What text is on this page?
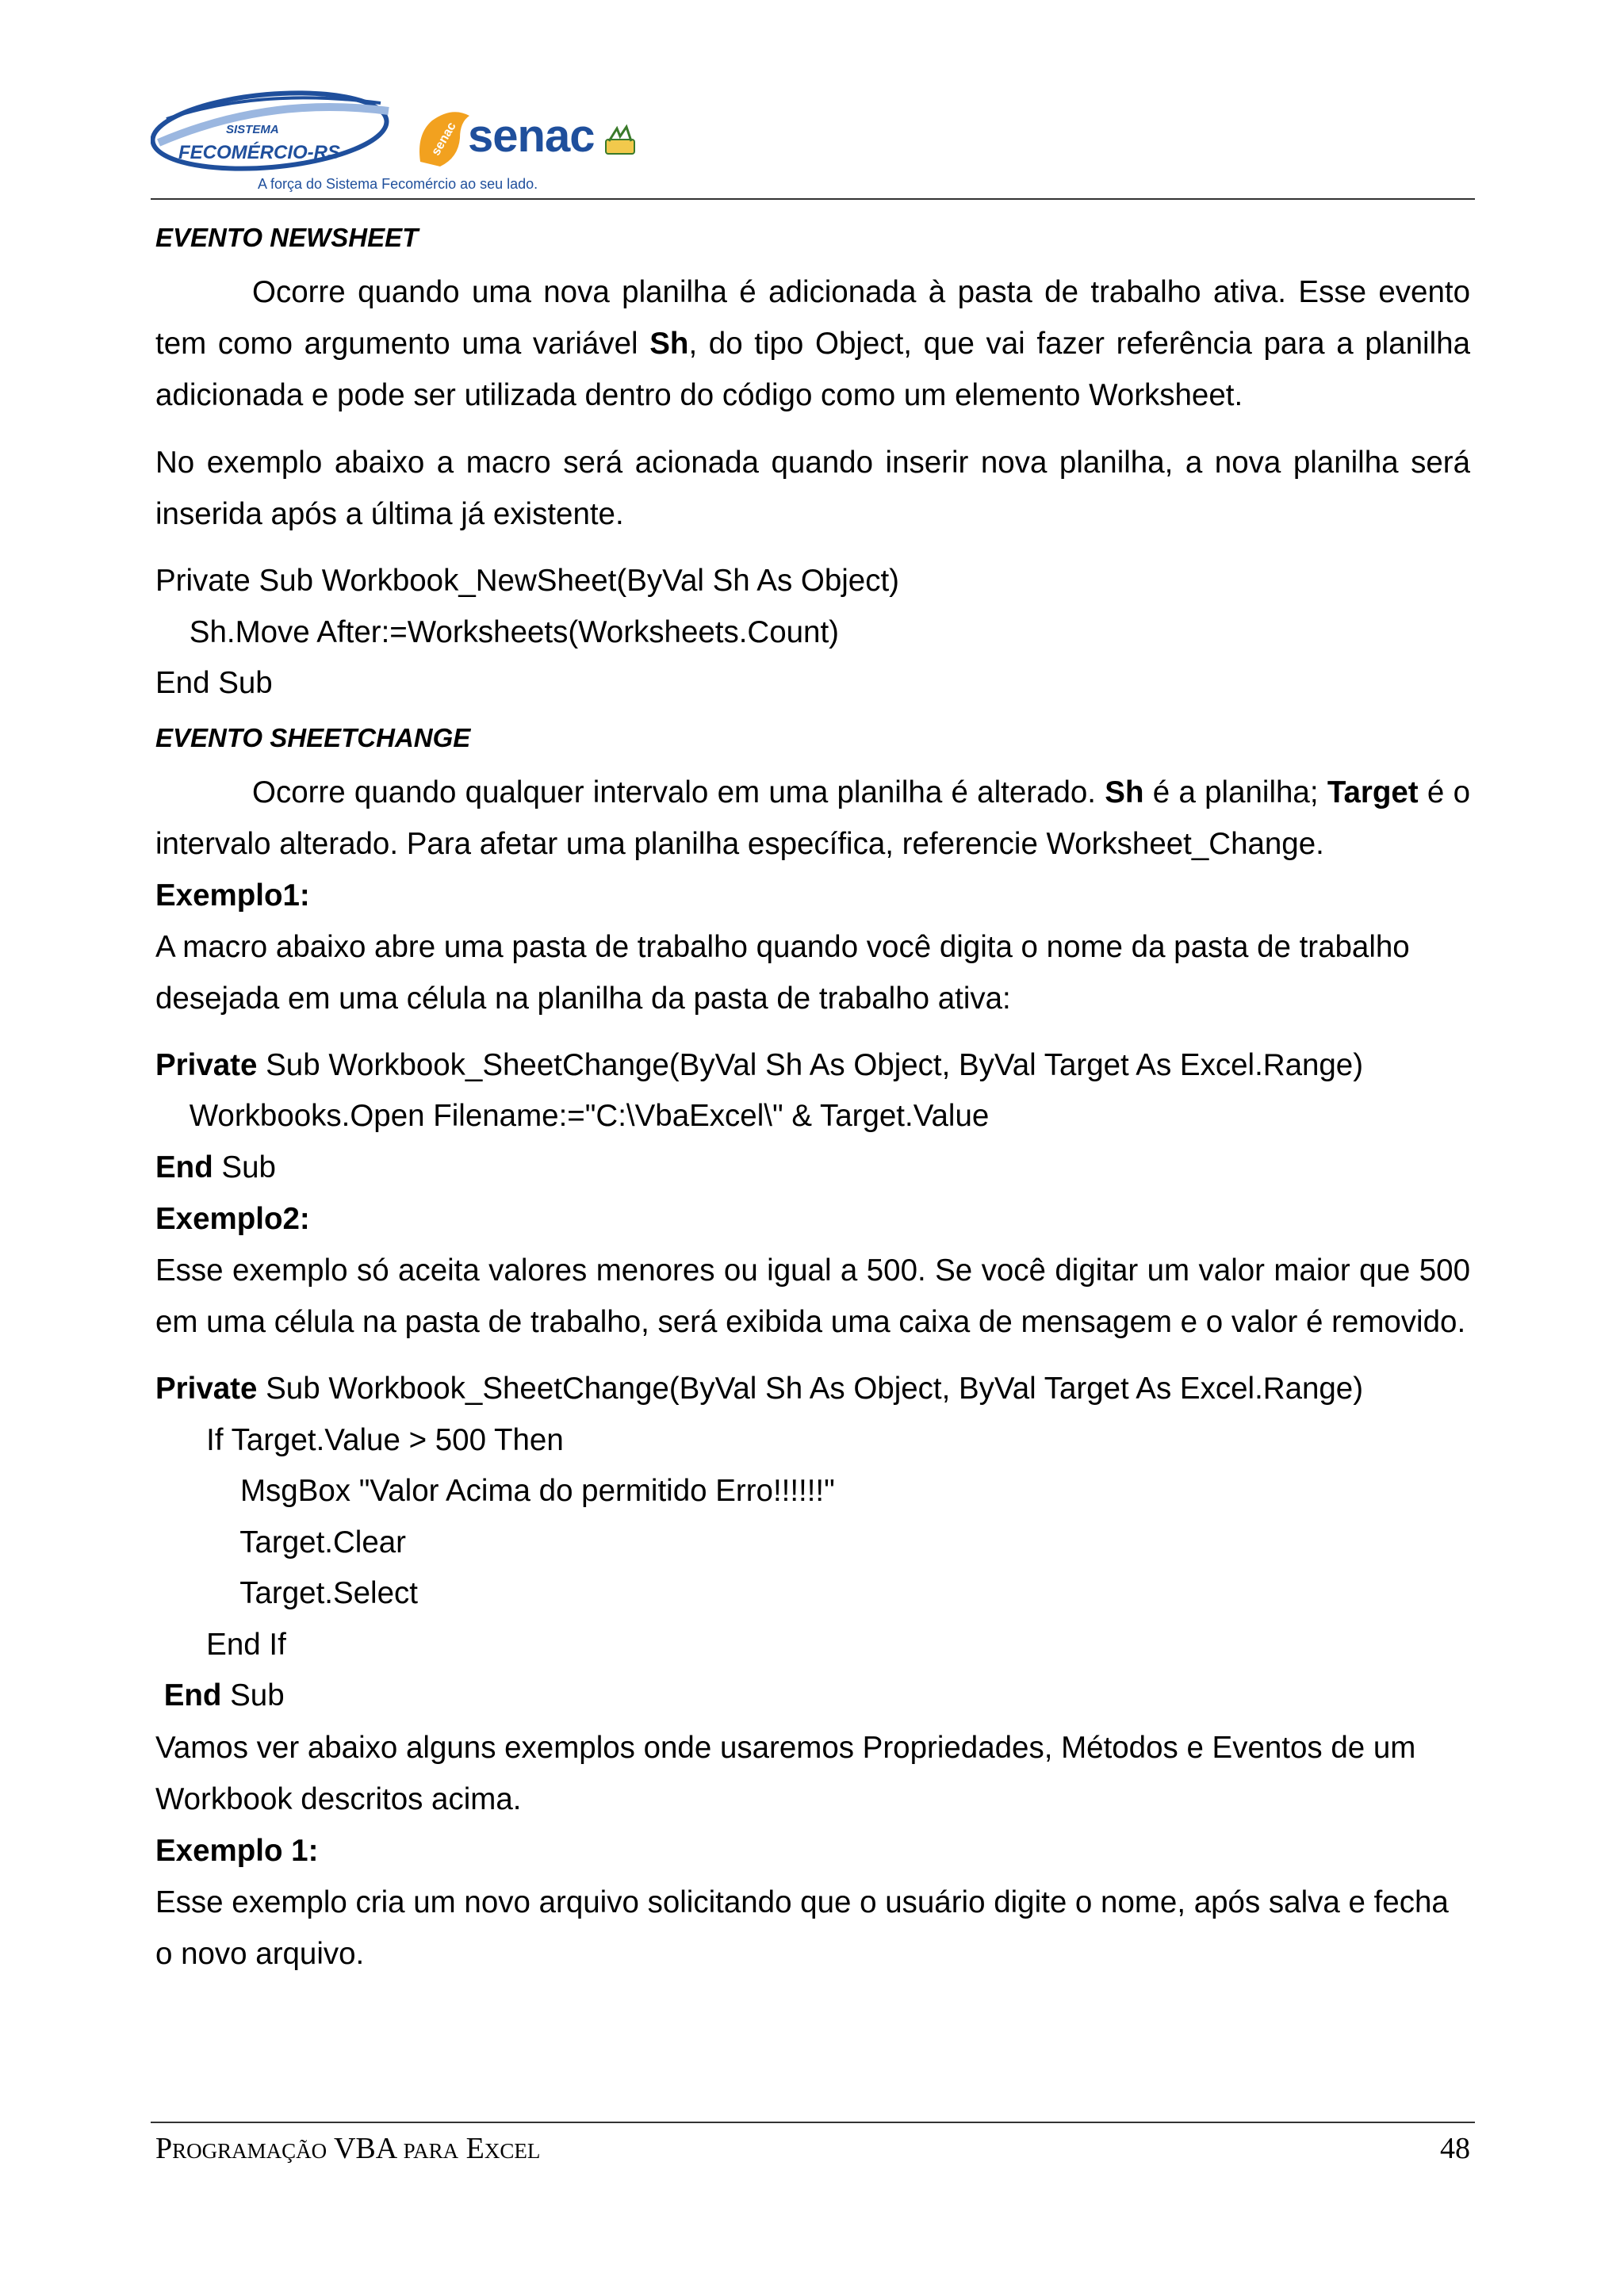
SISTEMA
FECOMÉRCIO-RS	senac senac
A força do Sistema Fecomércio ao seu lado.

EVENTO NEWSHEET

Ocorre quando uma nova planilha é adicionada à pasta de trabalho ativa. Esse evento tem como argumento uma variável Sh, do tipo Object, que vai fazer referência para a planilha adicionada e pode ser utilizada dentro do código como um elemento Worksheet.

No exemplo abaixo a macro será acionada quando inserir nova planilha, a nova planilha será inserida após a última já existente.

Private Sub Workbook_NewSheet(ByVal Sh As Object)

Sh.Move After:=Worksheets(Worksheets.Count)

End Sub

EVENTO SHEETCHANGE

Ocorre quando qualquer intervalo em uma planilha é alterado. Sh é a planilha; Target é o intervalo alterado. Para afetar uma planilha específica, referencie Worksheet_Change.

Exemplo1:

A macro abaixo abre uma pasta de trabalho quando você digita o nome da pasta de trabalho desejada em uma célula na planilha da pasta de trabalho ativa:

Private Sub Workbook_SheetChange(ByVal Sh As Object, ByVal Target As Excel.Range)

Workbooks.Open Filename:="C:\VbaExcel\" & Target.Value

End Sub

Exemplo2:

Esse exemplo só aceita valores menores ou igual a 500. Se você digitar um valor maior que 500 em uma célula na pasta de trabalho, será exibida uma caixa de mensagem e o valor é removido.

Private Sub Workbook_SheetChange(ByVal Sh As Object, ByVal Target As Excel.Range)

If Target.Value > 500 Then

MsgBox "Valor Acima do permitido Erro!!!!!!"

Target.Clear

Target.Select

End If

End Sub

Vamos ver abaixo alguns exemplos onde usaremos Propriedades, Métodos e Eventos de um Workbook descritos acima.

Exemplo 1:

Esse exemplo cria um novo arquivo solicitando que o usuário digite o nome, após salva e fecha o novo arquivo.

Programação VBA para Excel	48
